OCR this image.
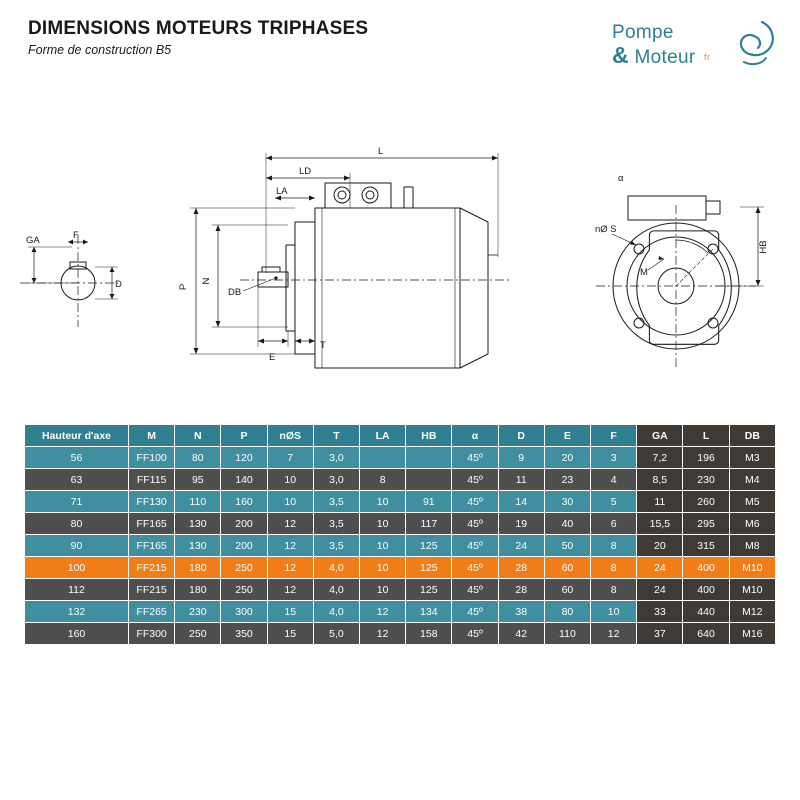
DIMENSIONS MOTEURS TRIPHASES
Forme de construction B5
Pompe
& Moteur fr
GA	F
D
L
LD
LA
P
N
DB
E
T
α
nØ S
M
HB
Hauteur d'axe	M	N	P	nØS	T	LA	HB	α	D	E	F	GA	L	DB
56	FF100	80	120	7	3,0			45º	9	20	3	7,2	196	M3
63	FF115	95	140	10	3,0	8		45º	11	23	4	8,5	230	M4
71	FF130	110	160	10	3,5	10	91	45º	14	30	5	11	260	M5
80	FF165	130	200	12	3,5	10	117	45º	19	40	6	15,5	295	M6
90	FF165	130	200	12	3,5	10	125	45º	24	50	8	20	315	M8
100	FF215	180	250	12	4,0	10	125	45º	28	60	8	24	400	M10
112	FF215	180	250	12	4,0	10	125	45º	28	60	8	24	400	M10
132	FF265	230	300	15	4,0	12	134	45º	38	80	10	33	440	M12
160	FF300	250	350	15	5,0	12	158	45º	42	110	12	37	640	M16
